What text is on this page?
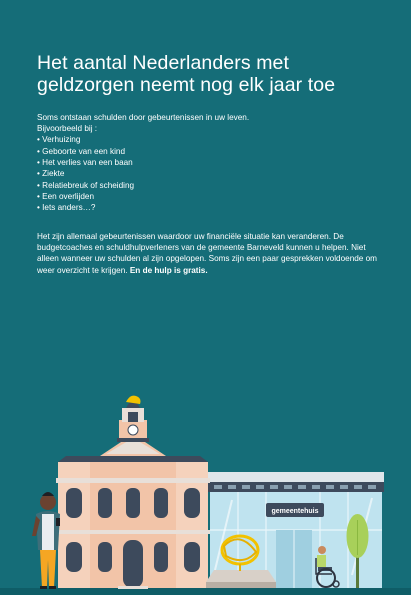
Het aantal Nederlanders met geldzorgen neemt nog elk jaar toe

Soms ontstaan schulden door gebeurtenissen in uw leven.

Bijvoorbeeld bij :

• Verhuizing
• Geboorte van een kind
• Het verlies van een baan
• Ziekte
• Relatiebreuk of scheiding
• Een overlijden
• Iets anders…?

Het zijn allemaal gebeurtenissen waardoor uw financiële situatie kan veranderen. De budgetcoaches en schuldhulpverleners van de gemeente Barneveld kunnen u helpen. Niet alleen wanneer uw schulden al zijn opgelopen. Soms zijn een paar gesprekken voldoende om weer overzicht te krijgen. En de hulp is gratis.

gemeentehuis
